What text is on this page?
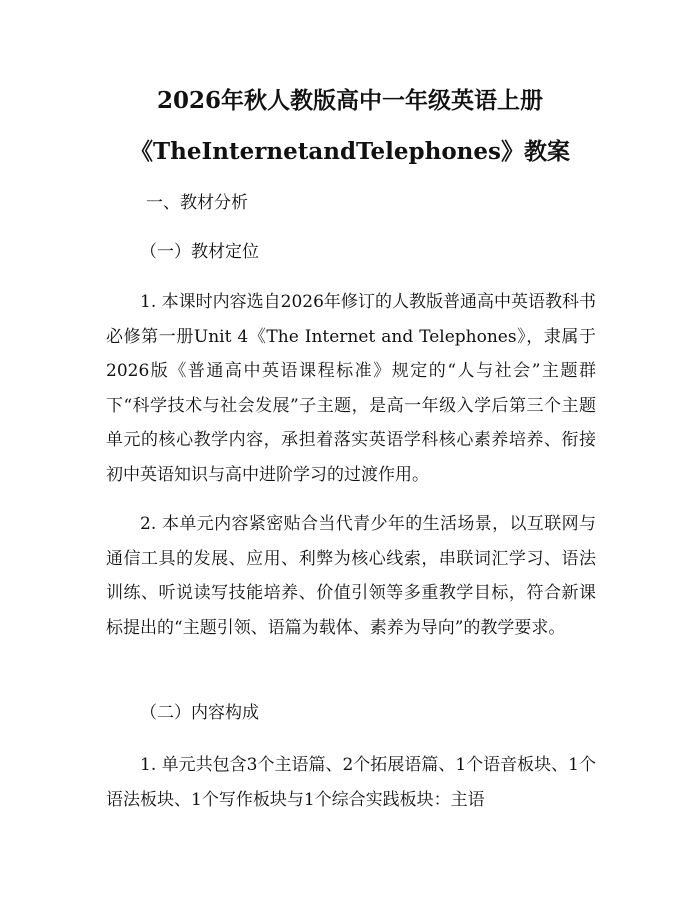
2026年秋人教版高中一年级英语上册
《TheInternetandTelephones》教案
一、教材分析
（一）教材定位
1. 本课时内容选自2026年修订的人教版普通高中英语教科书必修第一册Unit 4《The Internet and Telephones》，隶属于2026版《普通高中英语课程标准》规定的“人与社会”主题群下“科学技术与社会发展”子主题，是高一年级入学后第三个主题单元的核心教学内容，承担着落实英语学科核心素养培养、衔接初中英语知识与高中进阶学习的过渡作用。
2. 本单元内容紧密贴合当代青少年的生活场景，以互联网与通信工具的发展、应用、利弊为核心线索，串联词汇学习、语法训练、听说读写技能培养、价值引领等多重教学目标，符合新课标提出的“主题引领、语篇为载体、素养为导向”的教学要求。
（二）内容构成
1. 单元共包含3个主语篇、2个拓展语篇、1个语音板块、1个语法板块、1个写作板块与1个综合实践板块：主语
